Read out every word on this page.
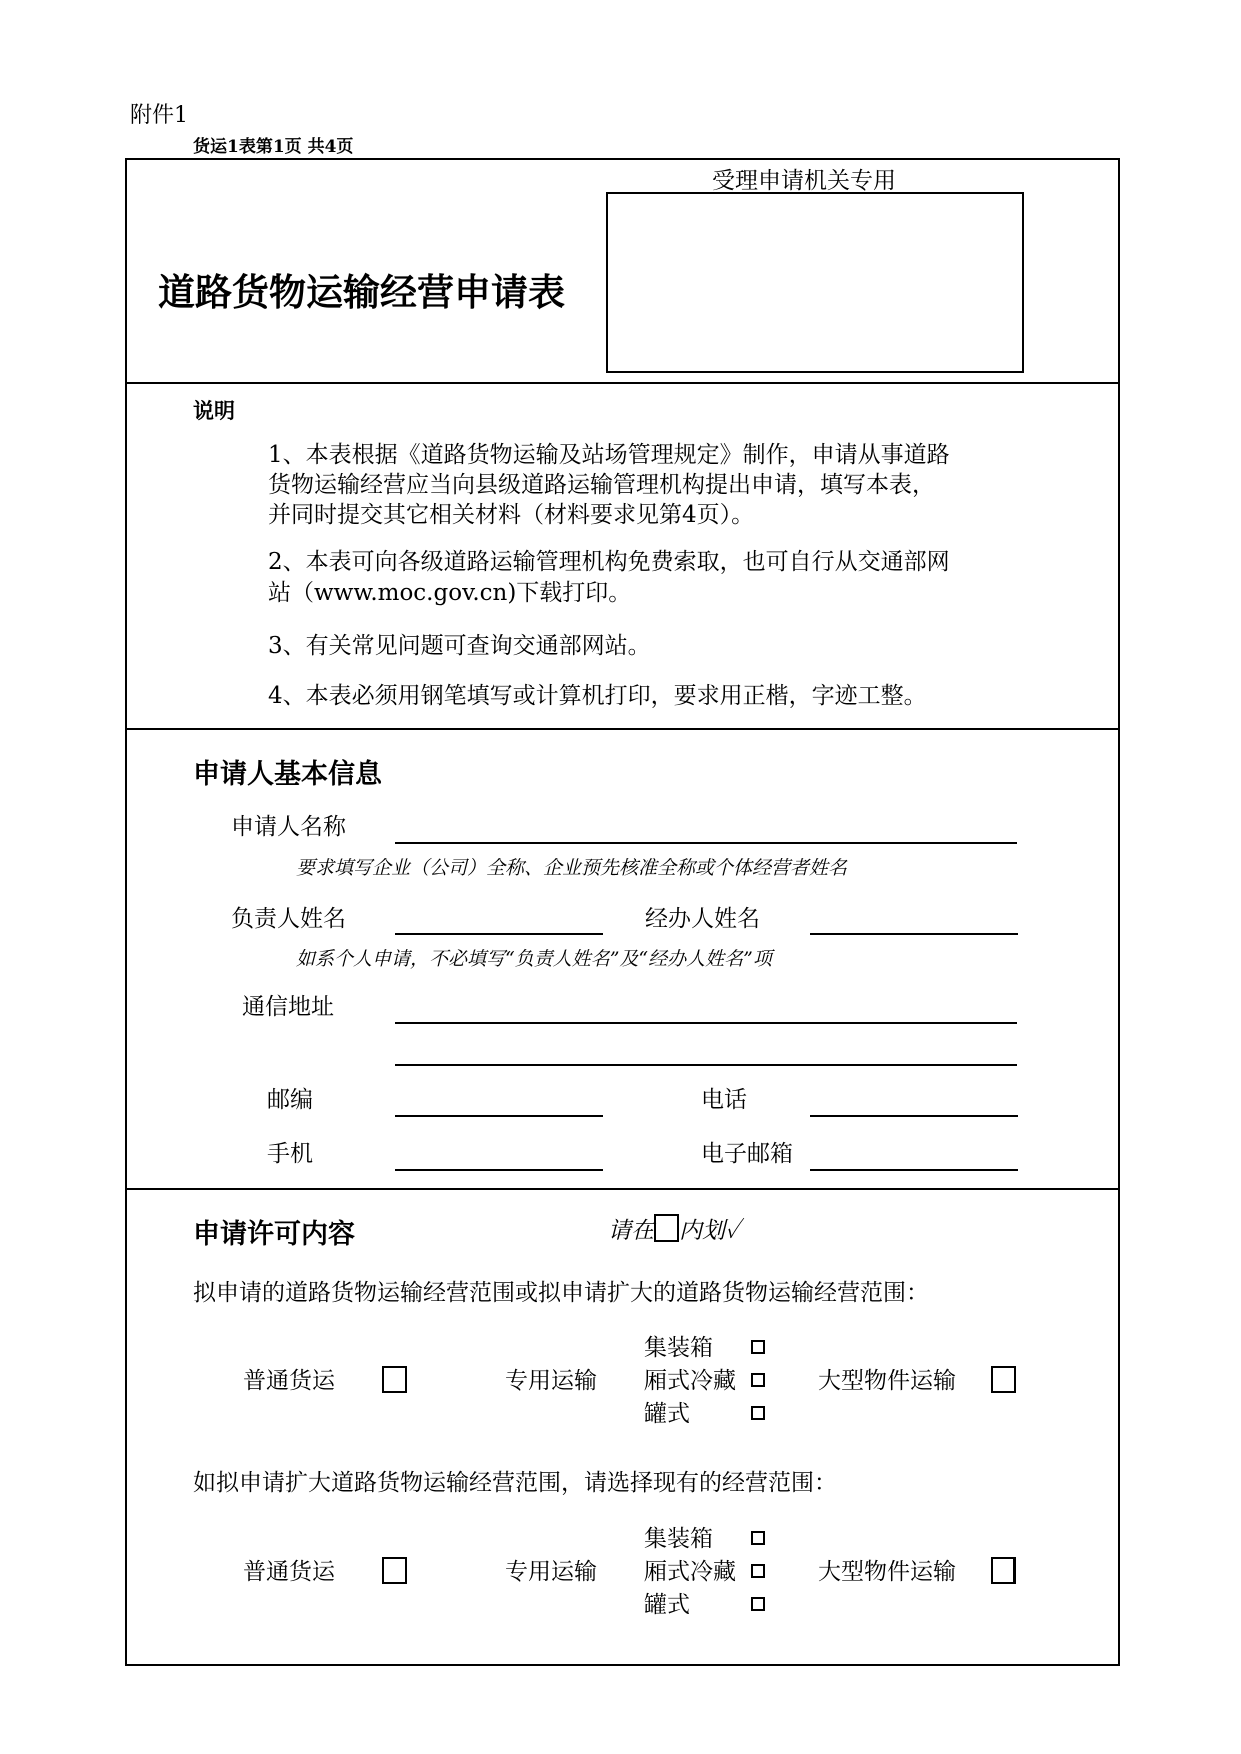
附件1
货运1表第1页 共4页
道路货物运输经营申请表
受理申请机关专用
说明
1、本表根据《道路货物运输及站场管理规定》制作，申请从事道路
货物运输经营应当向县级道路运输管理机构提出申请，填写本表，
并同时提交其它相关材料（材料要求见第4页）。
2、本表可向各级道路运输管理机构免费索取，也可自行从交通部网
站（www.moc.gov.cn)下载打印。
3、有关常见问题可查询交通部网站。
4、本表必须用钢笔填写或计算机打印，要求用正楷，字迹工整。
申请人基本信息
申请人名称
要求填写企业（公司）全称、企业预先核准全称或个体经营者姓名
负责人姓名	经办人姓名
如系个人申请，不必填写“负责人姓名”及“经办人姓名”项
通信地址
邮编	电话
手机	电子邮箱
申请许可内容	请在 内划✓
拟申请的道路货物运输经营范围或拟申请扩大的道路货物运输经营范围：
普通货运	专用运输
集装箱
厢式冷藏
罐式
大型物件运输
如拟申请扩大道路货物运输经营范围，请选择现有的经营范围：
普通货运	专用运输
集装箱
厢式冷藏
罐式
大型物件运输
